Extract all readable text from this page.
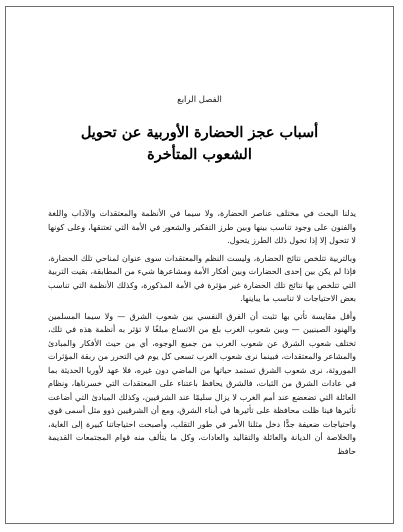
الفصل الرابع
أسباب عجز الحضارة الأوربية عن تحويل
الشعوب المتأخرة

يدلنا البحث في مختلف عناصر الحضارة، ولا سيما في الأنظمة والمعتقدات والآداب واللغة والفنون على وجود تناسب بينها وبين طرز التفكير والشعور في الأمة التي تعتنقها، وعلى كونها لا تتحول إلا إذا تحول ذلك الطرز يتحول.

وبالتربية تتلخص نتائج الحضارة، وليست النظم والمعتقدات سوى عنوان لمناحي تلك الحضارة، فإذا لم يكن بين إحدى الحضارات وبين أفكار الأمة ومشاعرها شيء من المطابقة، بقيت التربية التي تتلخص بها نتائج تلك الحضارة غير مؤثرة في الأمة المذكورة، وكذلك الأنظمة التي تناسب بعض الاحتياجات لا تناسب ما يباينها.

وأقل مقايسة تأتي بها تثبت أن الفرق النفسي بين شعوب الشرق — ولا سيما المسلمين والهنود الصينيين — وبين شعوب الغرب بلغ من الاتساع مبلغًا لا تؤثر به أنظمة هذه في تلك، تختلف شعوب الشرق عن شعوب الغرب من جميع الوجوه، أي من حيث الأفكار والمبادئ والمشاعر والمعتقدات، فبينما نرى شعوب الغرب تسعى كل يوم في التحرر من ربقة المؤثرات الموروثة، نرى شعوب الشرق تستمد حياتها من الماضي دون غيره، فلا عهد لأوربا الحديثة بما في عادات الشرق من الثبات، فالشرق يحافظ باعتناء على المعتقدات التي خسرناها، ونظام العائلة التي تضعضع عند أمم الغرب لا يزال سليمًا عند الشرقيين، وكذلك المبادئ التي أضاعت تأثيرها فينا ظلت محافظة على تأثيرها في أبناء الشرق، ومع أن الشرقيين ذوو مثل أسمى قوي واحتياجات ضعيفة جدًّا دخل مثلنا الأمر في طور التقلب، وأصبحت احتياجاتنا كبيرة إلى الغاية، والخلاصة أن الديانة والعائلة والتقاليد والعادات، وكل ما يتألف منه قوام المجتمعات القديمة حافظ
